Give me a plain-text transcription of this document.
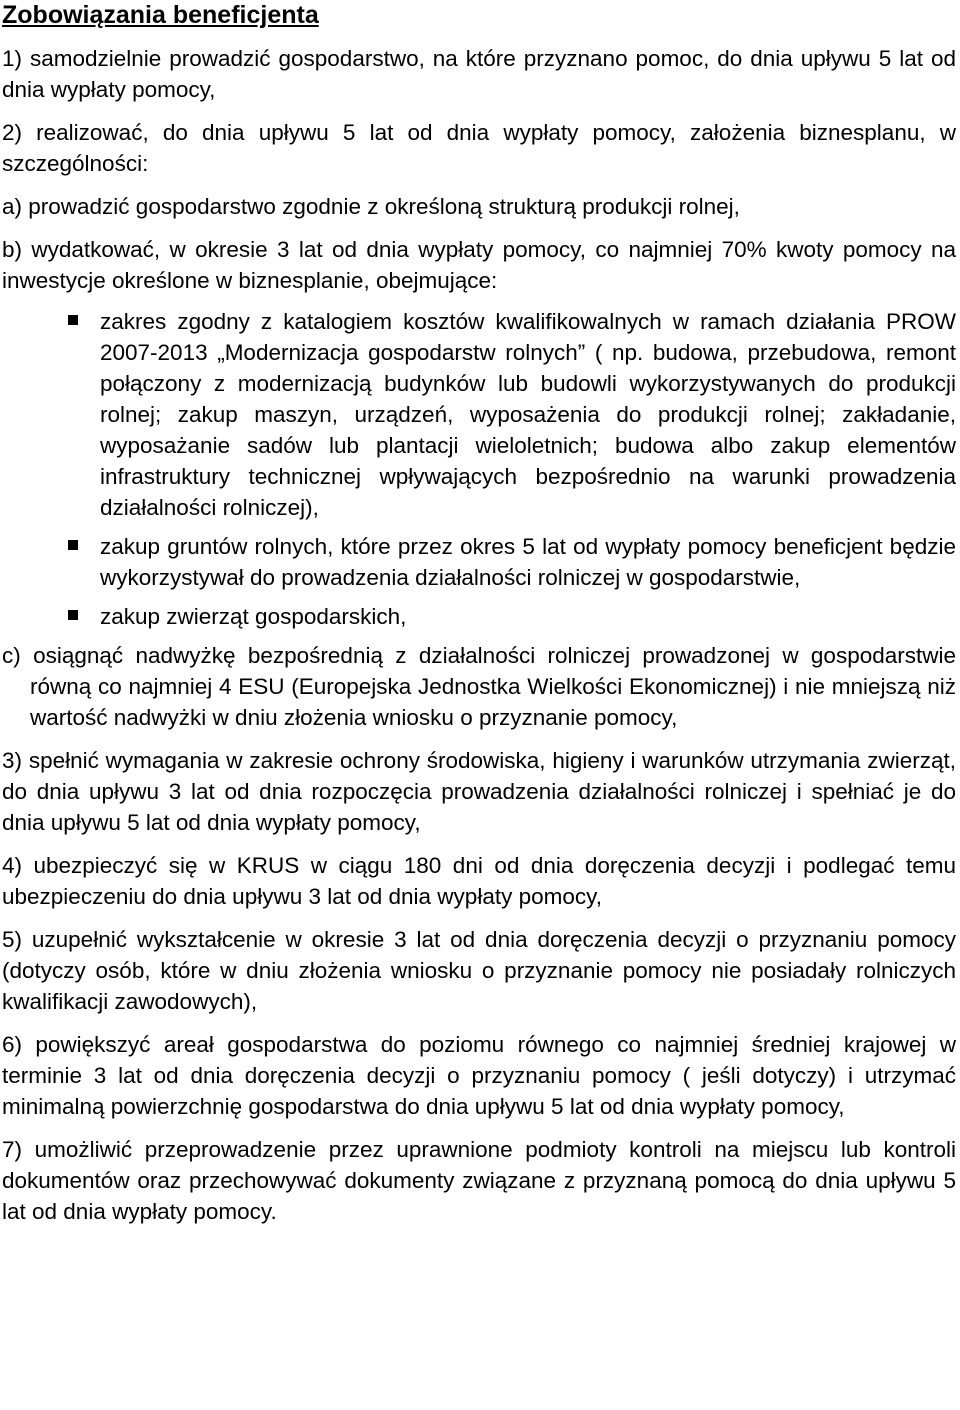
Zobowiązania beneficjenta

1) samodzielnie prowadzić gospodarstwo, na które przyznano pomoc, do dnia upływu 5 lat od dnia wypłaty pomocy,

2) realizować, do dnia upływu 5 lat od dnia wypłaty pomocy, założenia biznesplanu, w szczególności:

a) prowadzić gospodarstwo zgodnie z określoną strukturą produkcji rolnej,

b) wydatkować, w okresie 3 lat od dnia wypłaty pomocy, co najmniej 70% kwoty pomocy na inwestycje określone w biznesplanie, obejmujące:

zakres zgodny z katalogiem kosztów kwalifikowalnych w ramach działania PROW 2007-2013 „Modernizacja gospodarstw rolnych” ( np. budowa, przebudowa, remont połączony z modernizacją budynków lub budowli wykorzystywanych do produkcji rolnej; zakup maszyn, urządzeń, wyposażenia do produkcji rolnej; zakładanie, wyposażanie sadów lub plantacji wieloletnich; budowa albo zakup elementów infrastruktury technicznej wpływających bezpośrednio na warunki prowadzenia działalności rolniczej),
zakup gruntów rolnych, które przez okres 5 lat od wypłaty pomocy beneficjent będzie wykorzystywał do prowadzenia działalności rolniczej w gospodarstwie,
zakup zwierząt gospodarskich,

c) osiągnąć nadwyżkę bezpośrednią z działalności rolniczej prowadzonej w gospodarstwie równą co najmniej 4 ESU (Europejska Jednostka Wielkości Ekonomicznej) i nie mniejszą niż wartość nadwyżki w dniu złożenia wniosku o przyznanie pomocy,

3) spełnić wymagania w zakresie ochrony środowiska, higieny i warunków utrzymania zwierząt, do dnia upływu 3 lat od dnia rozpoczęcia prowadzenia działalności rolniczej i spełniać je do dnia upływu 5 lat od dnia wypłaty pomocy,

4) ubezpieczyć się w KRUS w ciągu 180 dni od dnia doręczenia decyzji i podlegać temu ubezpieczeniu do dnia upływu 3 lat od dnia wypłaty pomocy,

5) uzupełnić wykształcenie w okresie 3 lat od dnia doręczenia decyzji o przyznaniu pomocy (dotyczy osób, które w dniu złożenia wniosku o przyznanie pomocy nie posiadały rolniczych kwalifikacji zawodowych),

6) powiększyć areał gospodarstwa do poziomu równego co najmniej średniej krajowej w terminie 3 lat od dnia doręczenia decyzji o przyznaniu pomocy ( jeśli dotyczy) i utrzymać minimalną powierzchnię gospodarstwa do dnia upływu 5 lat od dnia wypłaty pomocy,

7) umożliwić przeprowadzenie przez uprawnione podmioty kontroli na miejscu lub kontroli dokumentów oraz przechowywać dokumenty związane z przyznaną pomocą do dnia upływu 5 lat od dnia wypłaty pomocy.
